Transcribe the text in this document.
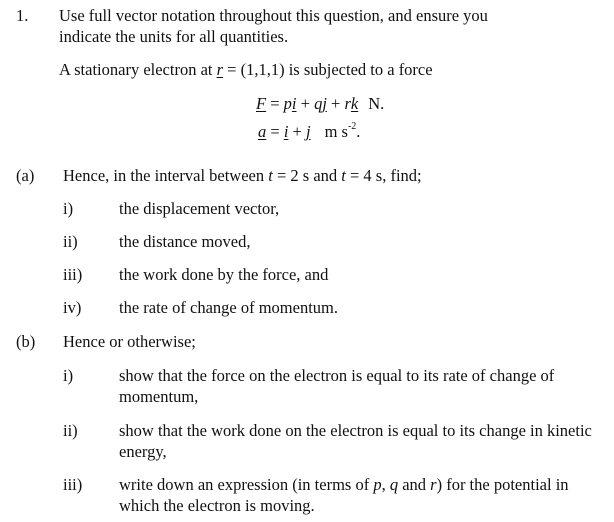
1. Use full vector notation throughout this question, and ensure you
indicate the units for all quantities.
A stationary electron at r = (1,1,1) is subjected to a force
F = pi + qj + rk N.
a = i + j m $s^{-2}$.
(a) Hence, in the interval between t = 2 s and t = 4 s, find;
i)	the displacement vector,
ii)	the distance moved,
iii) the work done by the force, and
iv) the rate of change of momentum.
(b) Hence or otherwise;
i)	show that the force on the electron is equal to its rate of change of momentum,
ii)	show that the work done on the electron is equal to its change in kinetic energy,
iii) write down an expression (in terms of p, q and r) for the potential in which the electron is moving.
